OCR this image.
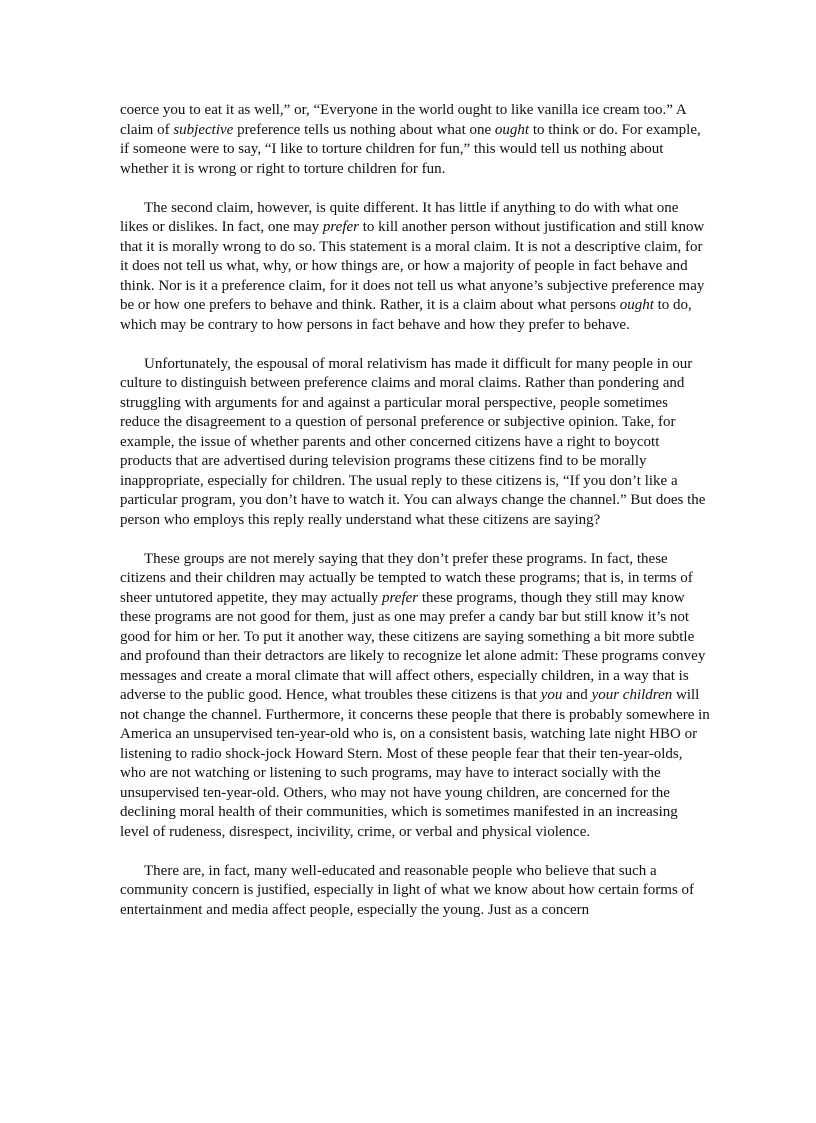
coerce you to eat it as well,” or, “Everyone in the world ought to like vanilla ice cream too.” A claim of subjective preference tells us nothing about what one ought to think or do. For example, if someone were to say, “I like to torture children for fun,” this would tell us nothing about whether it is wrong or right to torture children for fun.

The second claim, however, is quite different. It has little if anything to do with what one likes or dislikes. In fact, one may prefer to kill another person without justification and still know that it is morally wrong to do so. This statement is a moral claim. It is not a descriptive claim, for it does not tell us what, why, or how things are, or how a majority of people in fact behave and think. Nor is it a preference claim, for it does not tell us what anyone’s subjective preference may be or how one prefers to behave and think. Rather, it is a claim about what persons ought to do, which may be contrary to how persons in fact behave and how they prefer to behave.

Unfortunately, the espousal of moral relativism has made it difficult for many people in our culture to distinguish between preference claims and moral claims. Rather than pondering and struggling with arguments for and against a particular moral perspective, people sometimes reduce the disagreement to a question of personal preference or subjective opinion. Take, for example, the issue of whether parents and other concerned citizens have a right to boycott products that are advertised during television programs these citizens find to be morally inappropriate, especially for children. The usual reply to these citizens is, “If you don’t like a particular program, you don’t have to watch it. You can always change the channel.” But does the person who employs this reply really understand what these citizens are saying?

These groups are not merely saying that they don’t prefer these programs. In fact, these citizens and their children may actually be tempted to watch these programs; that is, in terms of sheer untutored appetite, they may actually prefer these programs, though they still may know these programs are not good for them, just as one may prefer a candy bar but still know it’s not good for him or her. To put it another way, these citizens are saying something a bit more subtle and profound than their detractors are likely to recognize let alone admit: These programs convey messages and create a moral climate that will affect others, especially children, in a way that is adverse to the public good. Hence, what troubles these citizens is that you and your children will not change the channel. Furthermore, it concerns these people that there is probably somewhere in America an unsupervised ten-year-old who is, on a consistent basis, watching late night HBO or listening to radio shock-jock Howard Stern. Most of these people fear that their ten-year-olds, who are not watching or listening to such programs, may have to interact socially with the unsupervised ten-year-old. Others, who may not have young children, are concerned for the declining moral health of their communities, which is sometimes manifested in an increasing level of rudeness, disrespect, incivility, crime, or verbal and physical violence.

There are, in fact, many well-educated and reasonable people who believe that such a community concern is justified, especially in light of what we know about how certain forms of entertainment and media affect people, especially the young. Just as a concern
